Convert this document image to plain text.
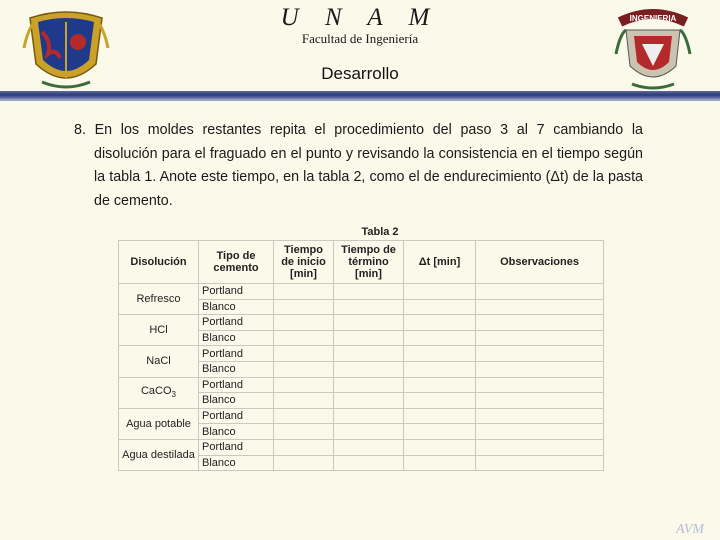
U N A M
Facultad de Ingeniería
Desarrollo
INGENIERIA
8. En los moldes restantes repita el procedimiento del paso 3 al 7 cambiando la disolución para el fraguado en el punto y revisando la consistencia en el tiempo según la tabla 1. Anote este tiempo, en la tabla 2, como el de endurecimiento (Δt) de la pasta de cemento.
Tabla 2
Disolución	Tipo de cemento	Tiempo de inicio [min]	Tiempo de término [min]	Δt [min]	Observaciones
Refresco	Portland				
	Blanco				
HCl	Portland				
	Blanco				
NaCl	Portland				
	Blanco				
CaCO$_3$	Portland				
	Blanco				
Agua potable	Portland				
	Blanco				
Agua destilada	Portland				
	Blanco				
AVM
